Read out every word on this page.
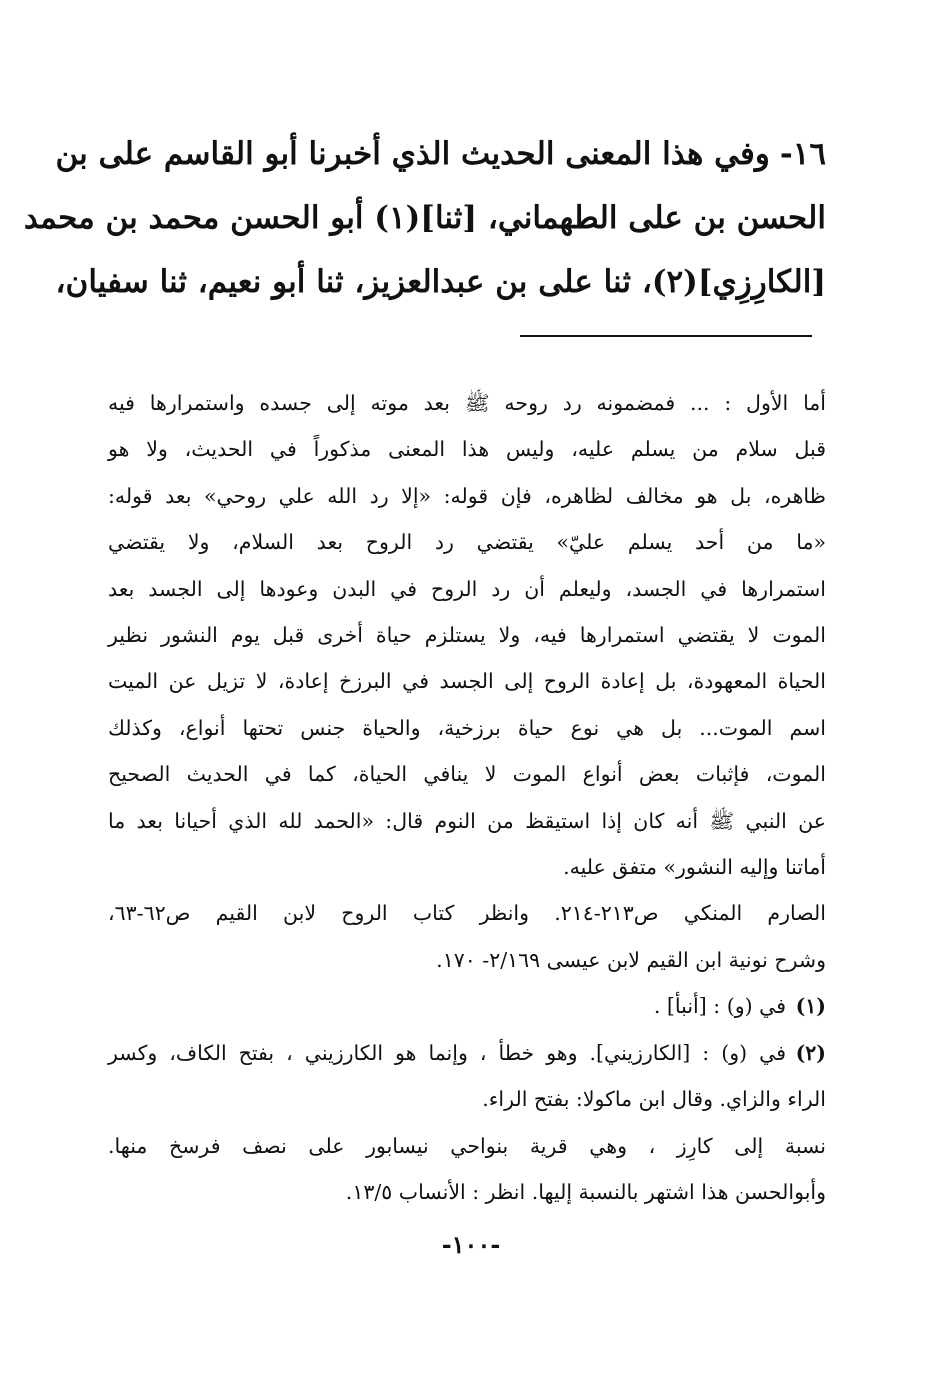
١٦-وفي هذا المعنى الحديث الذي أخبرنا أبو القاسم على بن
الحسن بن على الطهماني، [ثنا](١) أبو الحسن محمد بن محمد
[الكارِزِي](٢)، ثنا على بن عبدالعزيز، ثنا أبو نعيم، ثنا سفيان،
أما الأول : ... فمضمونه رد روحه ﷺ بعد موته إلى جسده واستمرارها فيه
قبل سلام من يسلم عليه، وليس هذا المعنى مذكوراً في الحديث، ولا هو
ظاهره، بل هو مخالف لظاهره، فإن قوله: «إلا رد الله علي روحي» بعد قوله:
«ما من أحد يسلم عليّ» يقتضي رد الروح بعد السلام، ولا يقتضي
استمرارها في الجسد، وليعلم أن رد الروح في البدن وعودها إلى الجسد بعد
الموت لا يقتضي استمرارها فيه، ولا يستلزم حياة أخرى قبل يوم النشور نظير
الحياة المعهودة، بل إعادة الروح إلى الجسد في البرزخ إعادة، لا تزيل عن الميت
اسم الموت... بل هي نوع حياة برزخية، والحياة جنس تحتها أنواع، وكذلك
الموت، فإثبات بعض أنواع الموت لا ينافي الحياة، كما في الحديث الصحيح
عن النبي ﷺ أنه كان إذا استيقظ من النوم قال: «الحمد لله الذي أحيانا بعد ما
أماتنا وإليه النشور» متفق عليه.
الصارم المنكي ص٢١٣-٢١٤. وانظر كتاب الروح لابن القيم ص٦٢-٦٣،
وشرح نونية ابن القيم لابن عيسى ٢/١٦٩- ١٧٠.
(١)في (و) : [أنبأ] .
(٢)في (و) : [الكارزيني]. وهو خطأ ، وإنما هو الكارزيني ، بفتح الكاف، وكسر
الراء والزاي. وقال ابن ماكولا: بفتح الراء.
نسبة إلى كارِز ، وهي قرية بنواحي نيسابور على نصف فرسخ منها.
وأبوالحسن هذا اشتهر بالنسبة إليها. انظر : الأنساب ١٣/٥.
-١٠٠-
